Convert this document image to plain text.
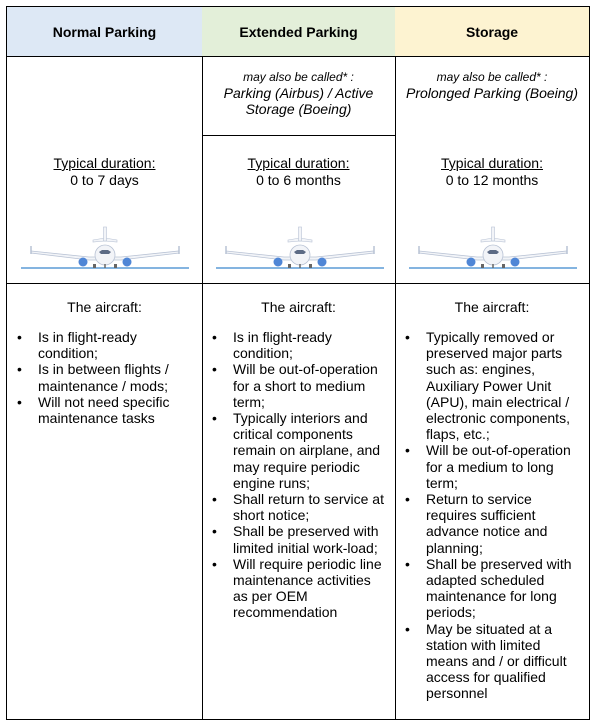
Normal Parking
Typical duration:
0 to 7 days
The aircraft:
• Is in flight-ready condition;
• Is in between flights / maintenance / mods;
• Will not need specific maintenance tasks
Extended Parking
may also be called* :
Parking (Airbus) / Active Storage (Boeing)
Typical duration:
0 to 6 months
The aircraft:
• Is in flight-ready condition;
• Will be out-of-operation for a short to medium term;
• Typically interiors and critical components remain on airplane, and may require periodic engine runs;
• Shall return to service at short notice;
• Shall be preserved with limited initial work-load;
• Will require periodic line maintenance activities as per OEM recommendation
Storage
may also be called* :
Prolonged Parking (Boeing)
Typical duration:
0 to 12 months
The aircraft:
• Typically removed or preserved major parts such as: engines, Auxiliary Power Unit (APU), main electrical / electronic components, flaps, etc.;
• Will be out-of-operation for a medium to long term;
• Return to service requires sufficient advance notice and planning;
• Shall be preserved with adapted scheduled maintenance for long periods;
• May be situated at a station with limited means and / or difficult access for qualified personnel
